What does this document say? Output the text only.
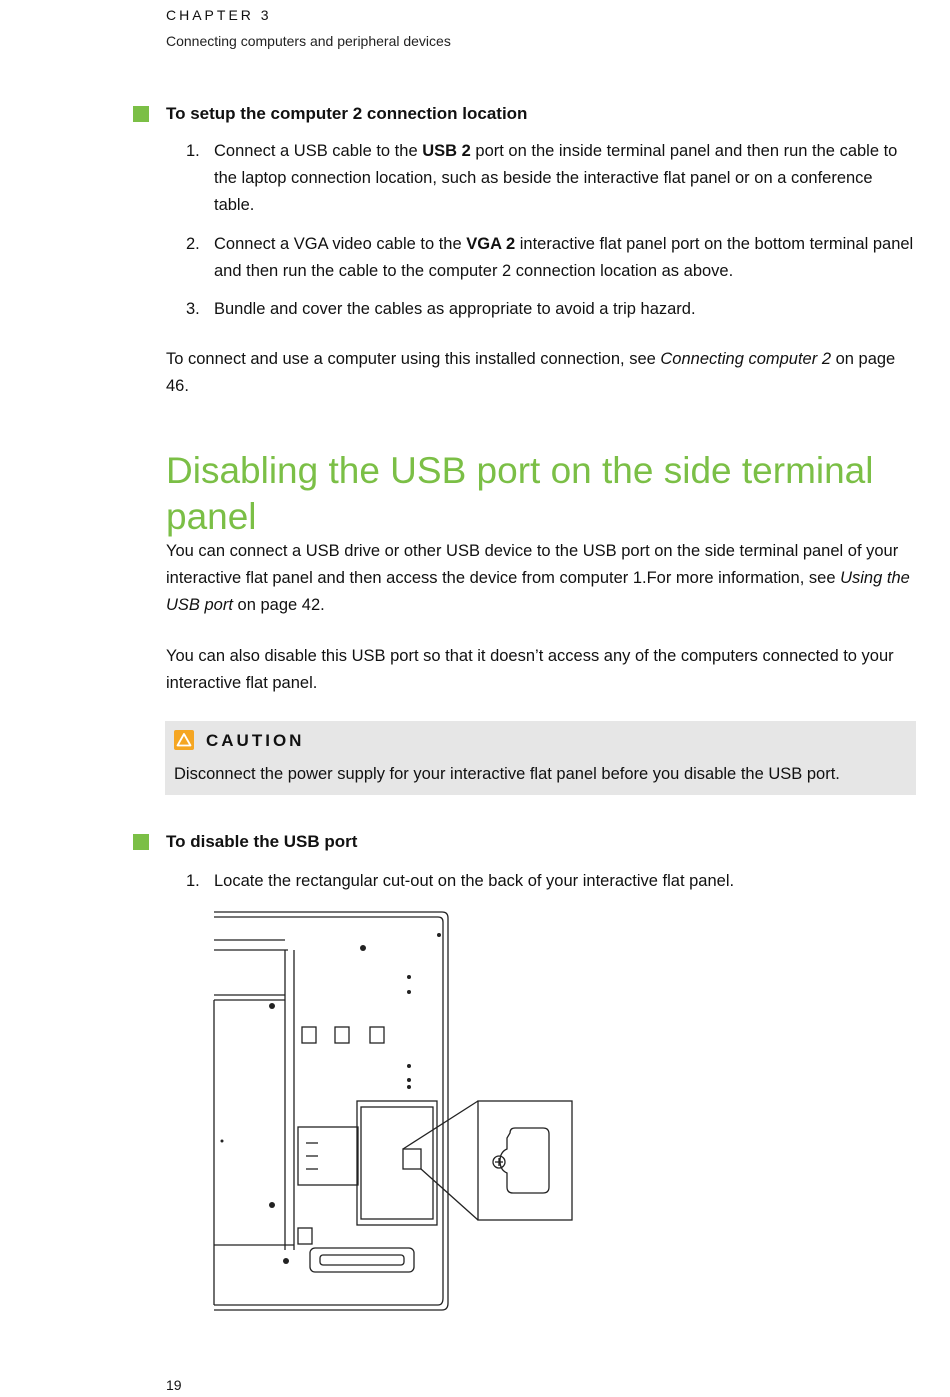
CHAPTER 3
Connecting computers and peripheral devices
To setup the computer 2 connection location
1. Connect a USB cable to the USB 2 port on the inside terminal panel and then run the cable to the laptop connection location, such as beside the interactive flat panel or on a conference table.
2. Connect a VGA video cable to the VGA 2 interactive flat panel port on the bottom terminal panel and then run the cable to the computer 2 connection location as above.
3. Bundle and cover the cables as appropriate to avoid a trip hazard.
To connect and use a computer using this installed connection, see Connecting computer 2 on page 46.
Disabling the USB port on the side terminal panel
You can connect a USB drive or other USB device to the USB port on the side terminal panel of your interactive flat panel and then access the device from computer 1.For more information, see Using the USB port on page 42.
You can also disable this USB port so that it doesn’t access any of the computers connected to your interactive flat panel.
CAUTION
Disconnect the power supply for your interactive flat panel before you disable the USB port.
To disable the USB port
1. Locate the rectangular cut-out on the back of your interactive flat panel.
19
